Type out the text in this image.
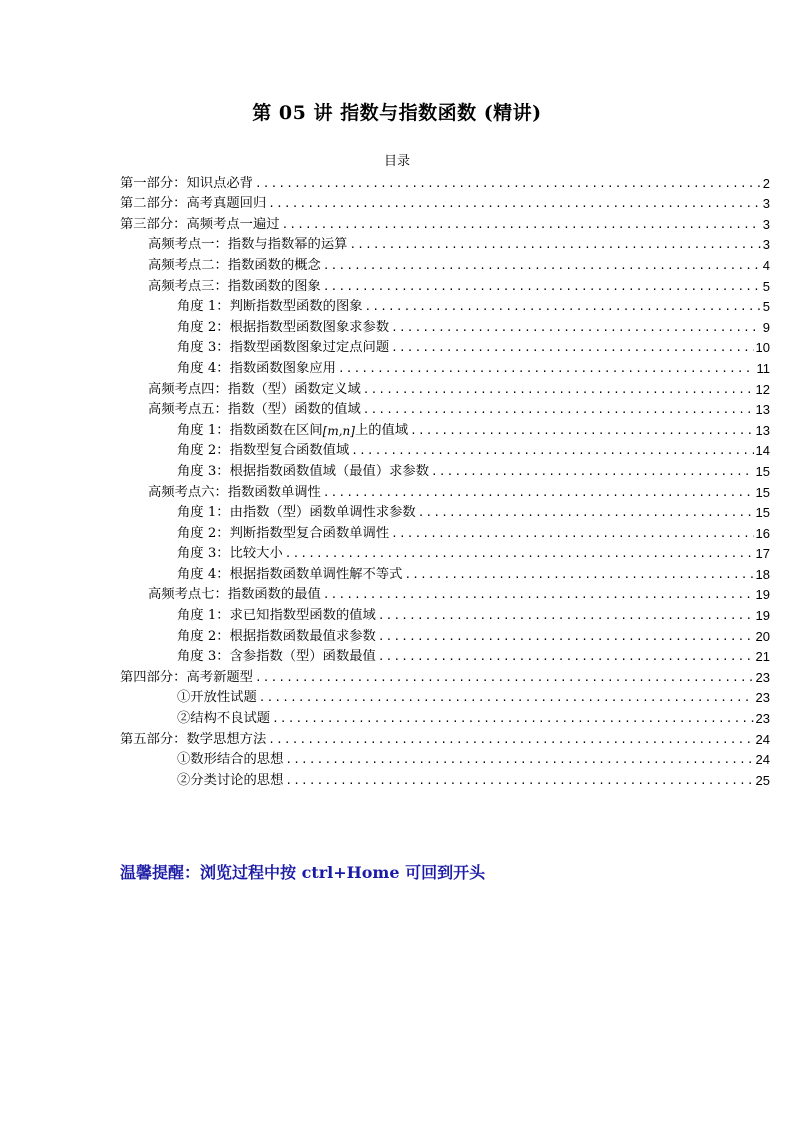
第 05 讲 指数与指数函数 (精讲)
目录
第一部分：知识点必背 .....	2
第二部分：高考真题回归 .....	3
第三部分：高频考点一遍过 .....	3
高频考点一：指数与指数幂的运算 .....	3
高频考点二：指数函数的概念 .....	4
高频考点三：指数函数的图象 .....	5
角度 1：判断指数型函数的图象 .....	5
角度 2：根据指数型函数图象求参数 .....	9
角度 3：指数型函数图象过定点问题 .....	10
角度 4：指数函数图象应用 .....	11
高频考点四：指数（型）函数定义域 .....	12
高频考点五：指数（型）函数的值域 .....	13
角度 1：指数函数在区间 [m,n] 上的值域 .....	13
角度 2：指数型复合函数值域 .....	14
角度 3：根据指数函数值域（最值）求参数 .....	15
高频考点六：指数函数单调性 .....	15
角度 1：由指数（型）函数单调性求参数 .....	15
角度 2：判断指数型复合函数单调性 .....	16
角度 3：比较大小 .....	17
角度 4：根据指数函数单调性解不等式 .....	18
高频考点七：指数函数的最值 .....	19
角度 1：求已知指数型函数的值域 .....	19
角度 2：根据指数函数最值求参数 .....	20
角度 3：含参指数（型）函数最值 .....	21
第四部分：高考新题型 .....	23
①开放性试题 .....	23
②结构不良试题 .....	23
第五部分：数学思想方法 .....	24
①数形结合的思想 .....	24
②分类讨论的思想 .....	25
温馨提醒：浏览过程中按 ctrl+Home 可回到开头
